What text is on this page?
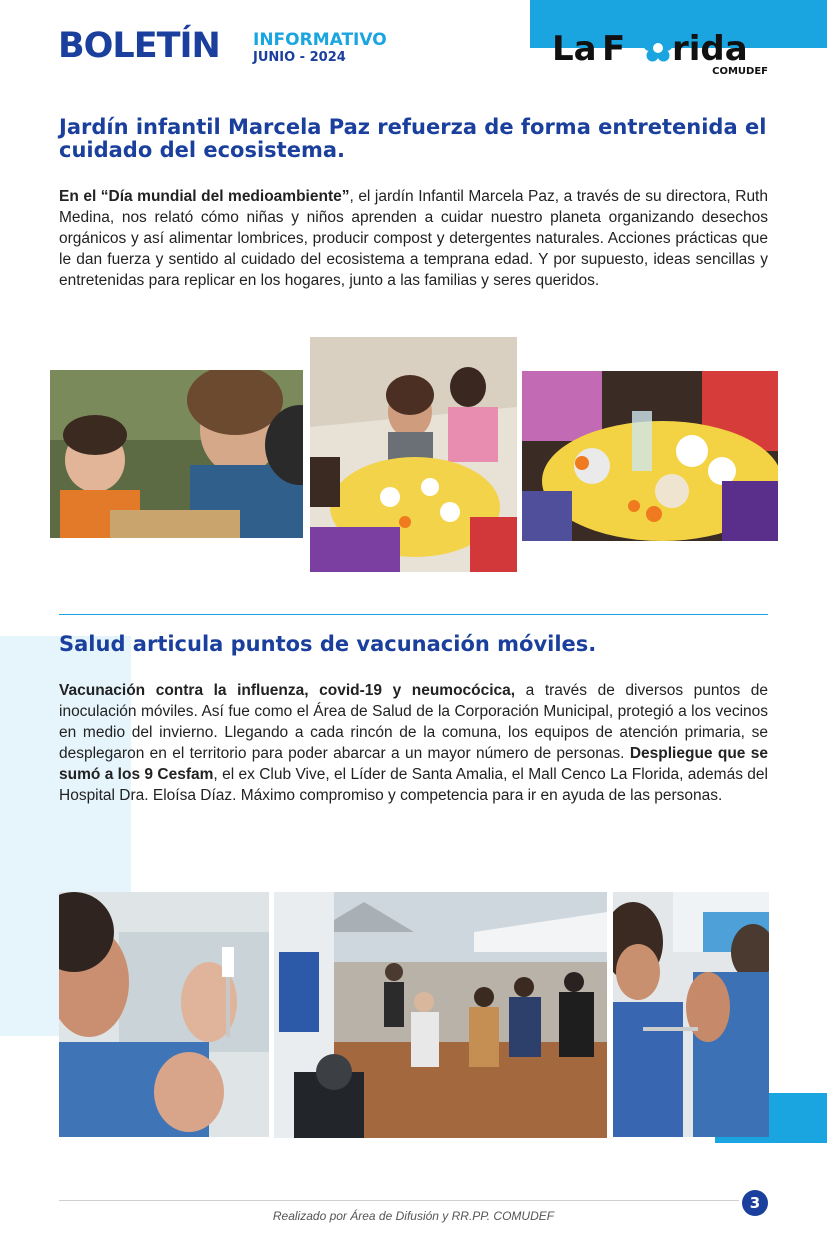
BOLETÍN INFORMATIVO
JUNIO - 2024	La F rida
COMUDEF
Jardín infantil Marcela Paz refuerza de forma entretenida el cuidado del ecosistema.
En el “Día mundial del medioambiente”, el jardín Infantil Marcela Paz, a través de su directora, Ruth Medina, nos relató cómo niñas y niños aprenden a cuidar nuestro planeta organizando desechos orgánicos y así alimentar lombrices, producir compost y detergentes naturales. Acciones prácticas que le dan fuerza y sentido al cuidado del ecosistema a temprana edad. Y por supuesto, ideas sencillas y entretenidas para replicar en los hogares, junto a las familias y seres queridos.
Salud articula puntos de vacunación móviles.
Vacunación contra la influenza, covid-19 y neumocócica, a través de diversos puntos de inoculación móviles. Así fue como el Área de Salud de la Corporación Municipal, protegió a los vecinos en medio del invierno. Llegando a cada rincón de la comuna, los equipos de atención primaria, se desplegaron en el territorio para poder abarcar a un mayor número de personas. Despliegue que se sumó a los 9 Cesfam, el ex Club Vive, el Líder de Santa Amalia, el Mall Cenco La Florida, además del Hospital Dra. Eloísa Díaz. Máximo compromiso y competencia para ir en ayuda de las personas.
Realizado por Área de Difusión y RR.PP. COMUDEF
3
